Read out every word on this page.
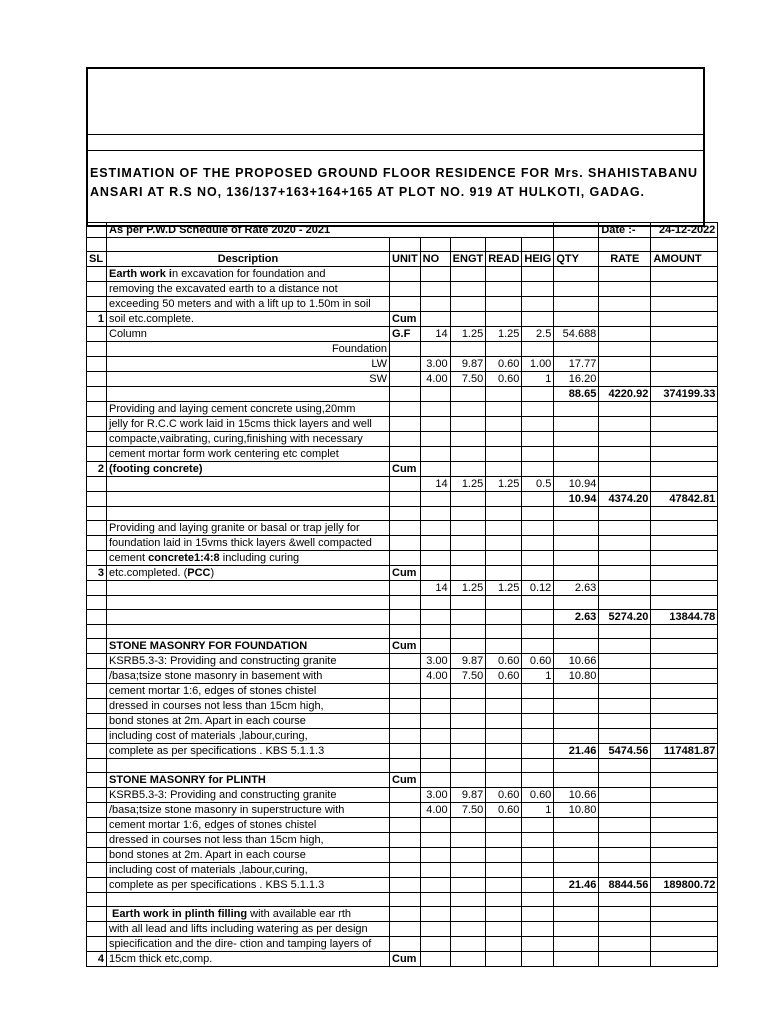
ESTIMATION OF THE PROPOSED GROUND FLOOR RESIDENCE FOR Mrs. SHAHISTABANU ANSARI AT R.S NO, 136/137+163+164+165 AT PLOT NO. 919 AT HULKOTI, GADAG.
	As per P.W.D Schedule of Rate 2020 - 2021							Date :-	24-12-2022

SL	Description	UNIT	NO	ENGT	READ	HEIG	QTY	RATE	AMOUNT
	Earth work in excavation for foundation and								
	removing the excavated earth to a distance not								
	exceeding 50 meters and with a lift up to 1.50m in soil								
1	soil etc.complete.	Cum							
	Column	G.F	14	1.25	1.25	2.5	54.688		
	Foundation								
	LW		3.00	9.87	0.60	1.00	17.77		
	SW		4.00	7.50	0.60	1	16.20		
							88.65	4220.92	374199.33
	Providing and laying cement concrete using,20mm								
	jelly for R.C.C work laid in 15cms thick layers and well								
	compacte,vaibrating, curing,finishing with necessary								
	cement mortar form work centering etc complet								
2	(footing concrete)	Cum							
			14	1.25	1.25	0.5	10.94		
							10.94	4374.20	47842.81

	Providing and laying granite or basal or trap jelly for								
	foundation laid in 15vms thick layers &well compacted								
	cement concrete1:4:8 including curing								
3	etc.completed. (PCC)	Cum							
			14	1.25	1.25	0.12	2.63		

							2.63	5274.20	13844.78

	STONE MASONRY FOR FOUNDATION	Cum							
	KSRB5.3-3: Providing and constructing granite		3.00	9.87	0.60	0.60	10.66		
	/basa;tsize stone masonry in basement with		4.00	7.50	0.60	1	10.80		
	cement mortar 1:6, edges of stones chistel								
	dressed in courses not less than 15cm high,								
	bond stones at 2m. Apart in each course								
	including cost of materials ,labour,curing,								
	complete as per specifications . KBS 5.1.1.3						21.46	5474.56	117481.87

	STONE MASONRY for PLINTH	Cum							
	KSRB5.3-3: Providing and constructing granite		3.00	9.87	0.60	0.60	10.66		
	/basa;tsize stone masonry in superstructure with		4.00	7.50	0.60	1	10.80		
	cement mortar 1:6, edges of stones chistel								
	dressed in courses not less than 15cm high,								
	bond stones at 2m. Apart in each course								
	including cost of materials ,labour,curing,								
	complete as per specifications . KBS 5.1.1.3						21.46	8844.56	189800.72

	Earth work in plinth filling with available ear rth								
	with all lead and lifts including watering as per design								
	spiecification and the dire- ction and tamping layers of								
4	15cm thick etc,comp.	Cum							
